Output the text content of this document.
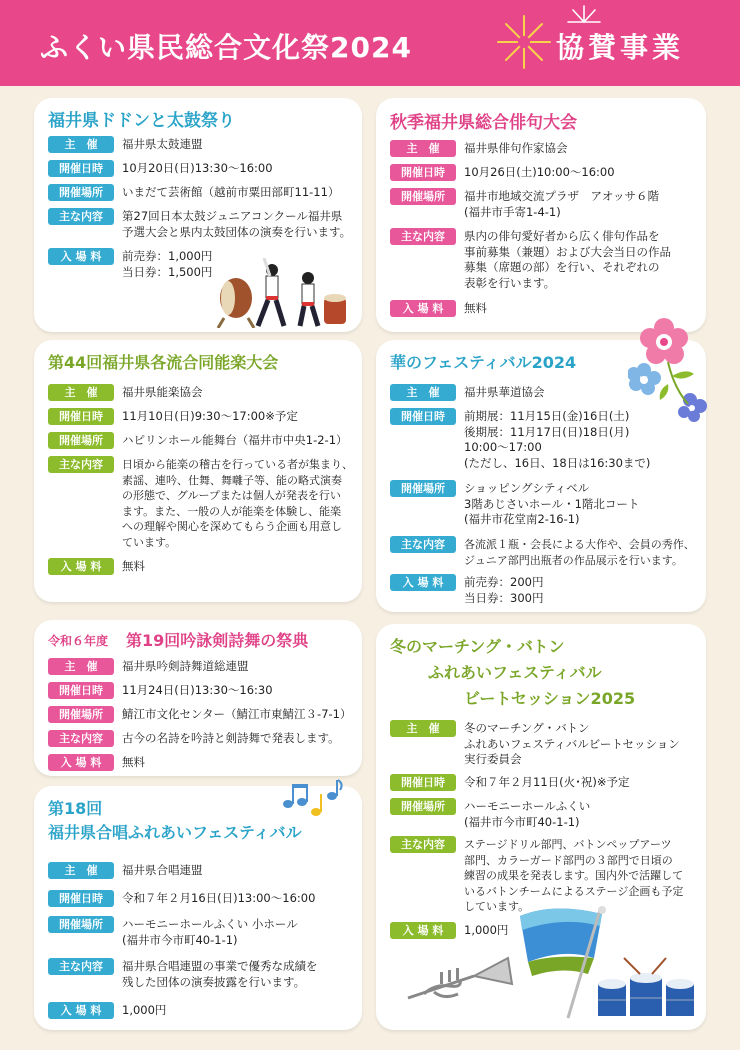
ふくい県民総合文化祭2024	協賛事業
福井県ドドンと太鼓祭り
主　催	福井県太鼓連盟
開催日時	10月20日(日)13:30～16:00
開催場所	いまだて芸術館（越前市粟田部町11-11）
主な内容	第27回日本太鼓ジュニアコンクール福井県
予選大会と県内太鼓団体の演奏を行います。
入 場 料	前売券：1,000円
当日券：1,500円
秋季福井県総合俳句大会
主　催	福井県俳句作家協会
開催日時	10月26日(土)10:00～16:00
開催場所	福井市地域交流プラザ　アオッサ６階
(福井市手寄1-4-1)
主な内容	県内の俳句愛好者から広く俳句作品を
事前募集（兼題）および大会当日の作品
募集（席題の部）を行い、それぞれの
表彰を行います。
入 場 料	無料
第44回福井県各流合同能楽大会
主　催	福井県能楽協会
開催日時	11月10日(日)9:30～17:00※予定
開催場所	ハピリンホール能舞台（福井市中央1-2-1）
主な内容	日頃から能楽の稽古を行っている者が集まり、
素謡、連吟、仕舞、舞囃子等、能の略式演奏
の形態で、グループまたは個人が発表を行い
ます。また、一般の人が能楽を体験し、能楽
への理解や関心を深めてもらう企画も用意し
ています。
入 場 料	無料
華のフェスティバル2024
主　催	福井県華道協会
開催日時	前期展：11月15日(金)16日(土)
後期展：11月17日(日)18日(月)
10:00～17:00
(ただし、16日、18日は16:30まで)
開催場所	ショッピングシティベル
3階あじさいホール・1階北コート
(福井市花堂南2-16-1)
主な内容	各流派１瓶・会長による大作や、会員の秀作、
ジュニア部門出瓶者の作品展示を行います。
入 場 料	前売券：200円
当日券：300円
令和６年度 第19回吟詠剣詩舞の祭典
主　催	福井県吟剣詩舞道総連盟
開催日時	11月24日(日)13:30～16:30
開催場所	鯖江市文化センター（鯖江市東鯖江３-7-1）
主な内容	古今の名詩を吟詩と剣詩舞で発表します。
入 場 料	無料
第18回
福井県合唱ふれあいフェスティバル
主　催	福井県合唱連盟
開催日時	令和７年２月16日(日)13:00～16:00
開催場所	ハーモニーホールふくい 小ホール
(福井市今市町40-1-1)
主な内容	福井県合唱連盟の事業で優秀な成績を
残した団体の演奏披露を行います。
入 場 料	1,000円
冬のマーチング・バトン
ふれあいフェスティバル
ビートセッション2025
主　催	冬のマーチング・バトン
ふれあいフェスティバルビートセッション
実行委員会
開催日時	令和７年２月11日(火･祝)※予定
開催場所	ハーモニーホールふくい
(福井市今市町40-1-1)
主な内容	ステージドリル部門、バトンペップアーツ
部門、カラーガード部門の３部門で日頃の
練習の成果を発表します。国内外で活躍して
いるバトンチームによるステージ企画も予定
しています。
入 場 料	1,000円
